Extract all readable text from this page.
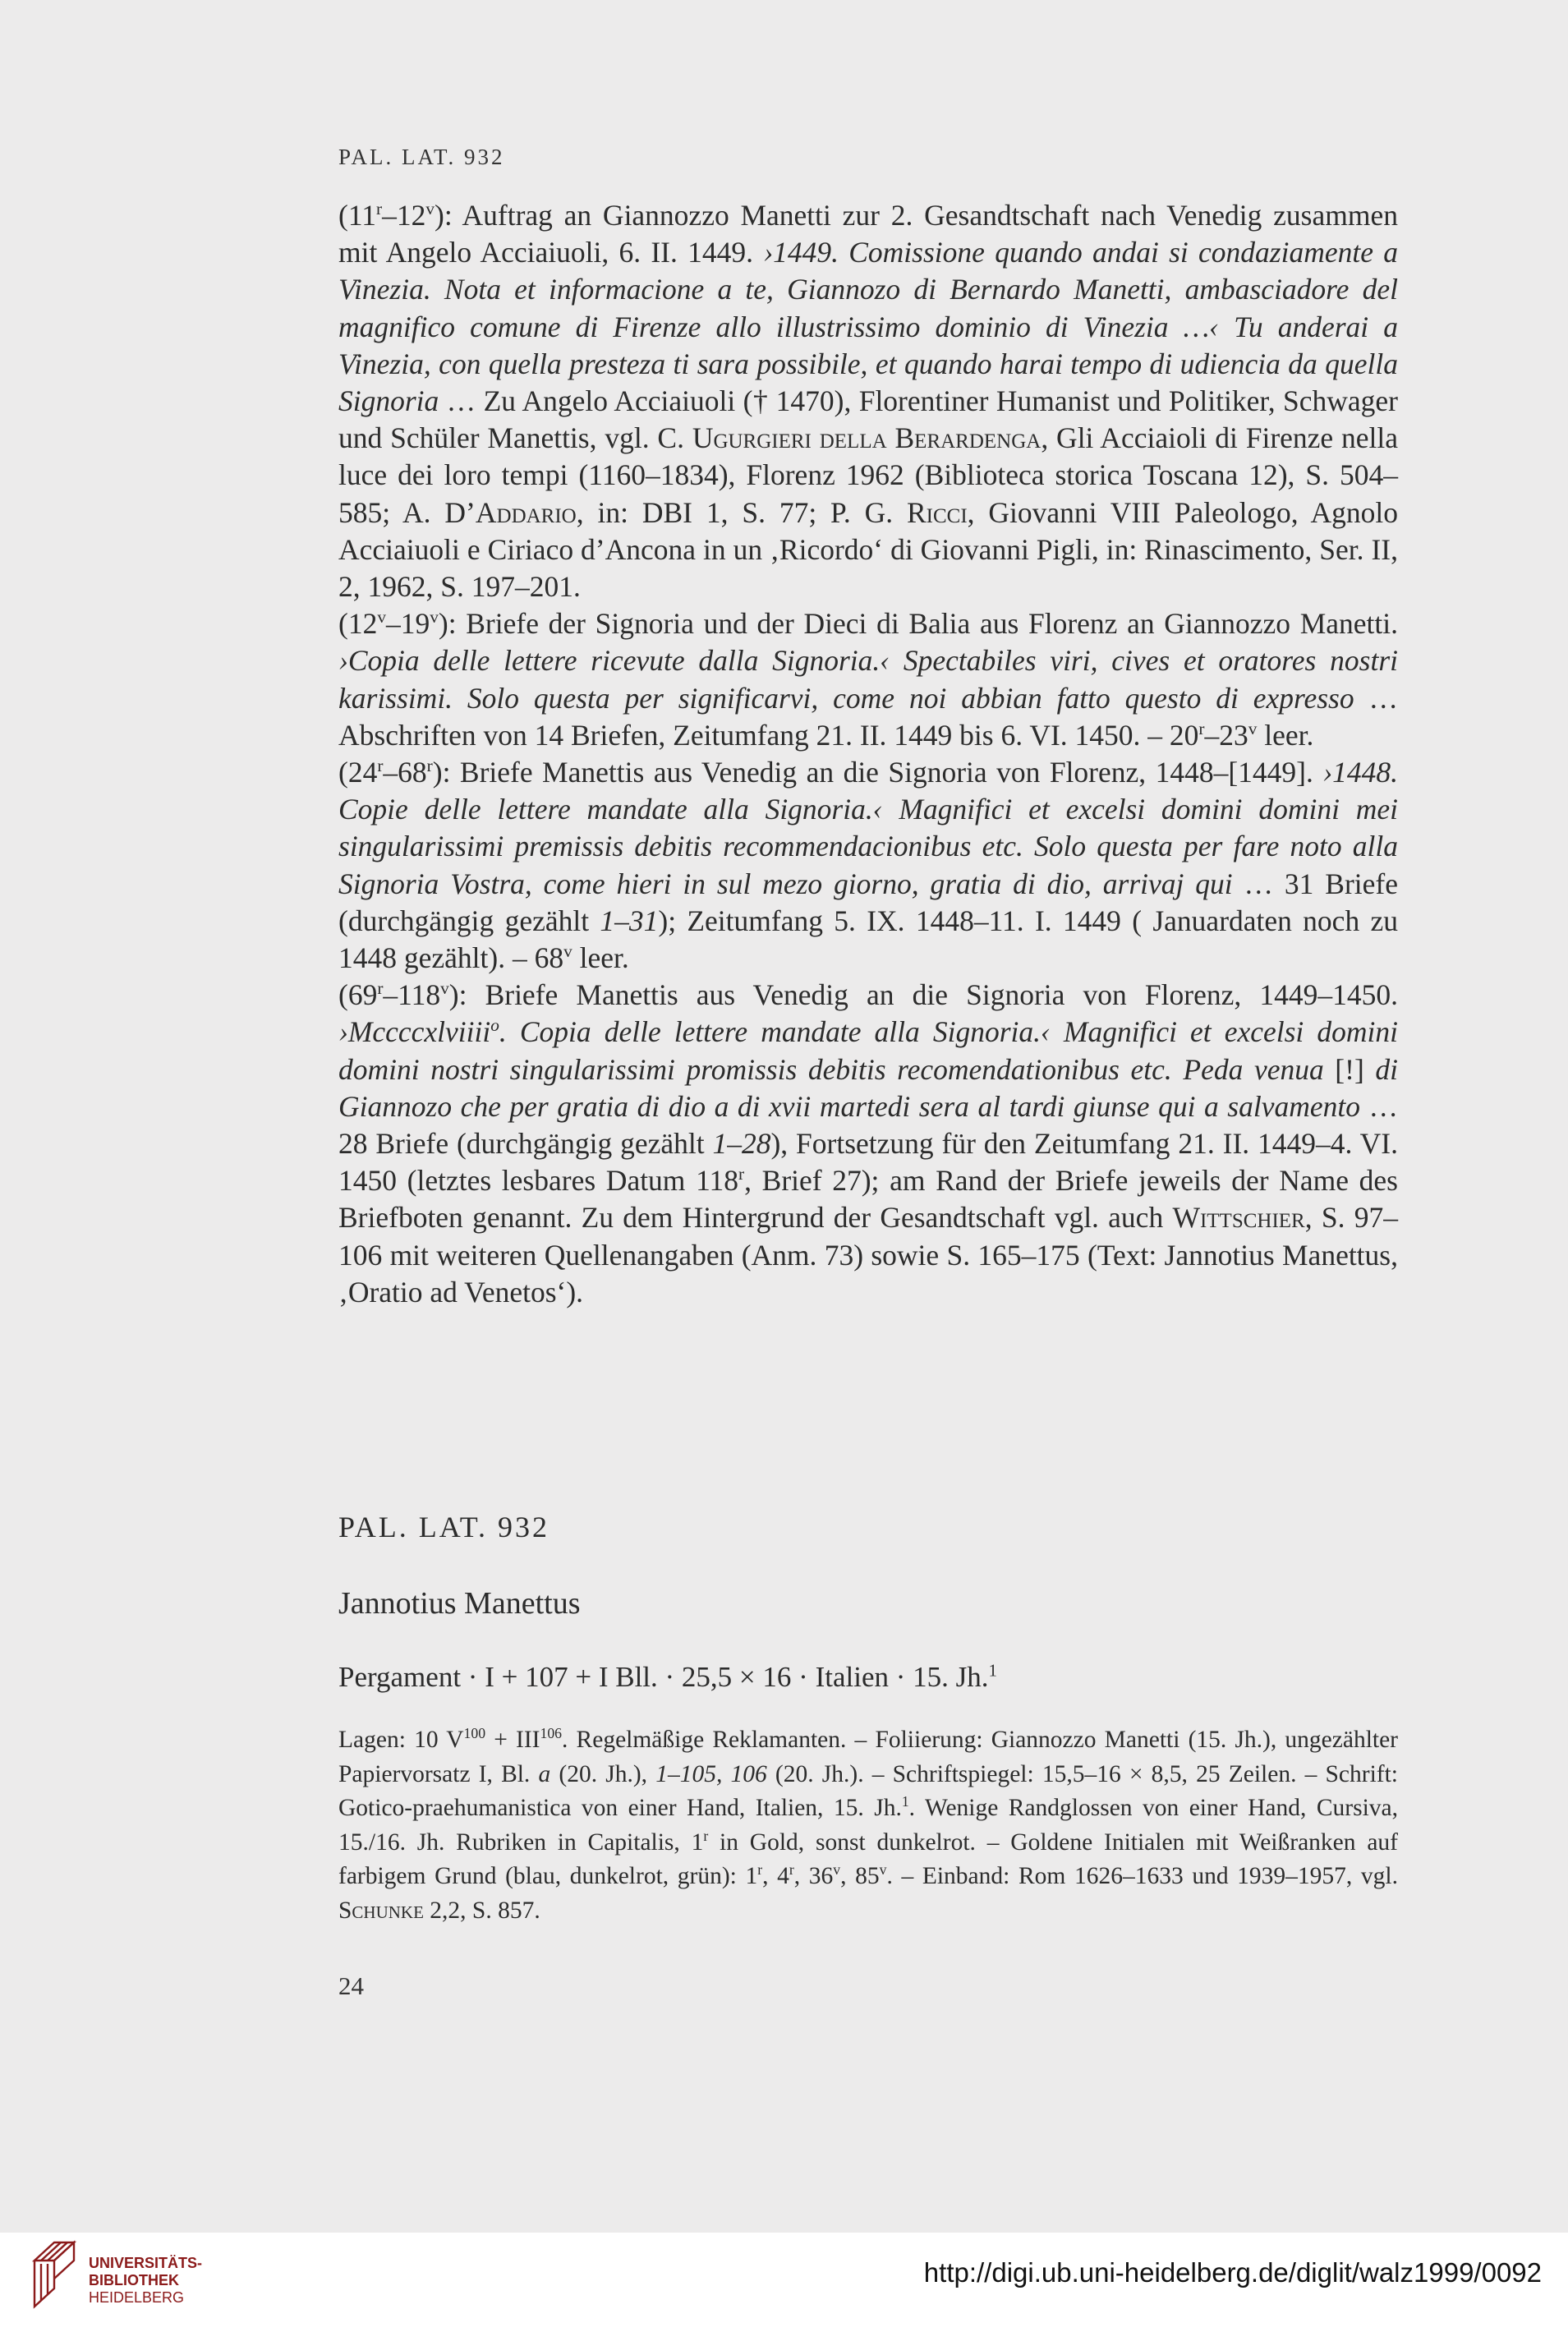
PAL. LAT. 932

(11$^r$–12$^v$): Auftrag an Giannozzo Manetti zur 2. Gesandtschaft nach Venedig zusammen mit Angelo Acciaiuoli, 6. II. 1449. ›1449. Comissione quando andai si condaziamente a Vinezia. Nota et informacione a te, Giannozo di Bernardo Manetti, ambasciadore del magnifico comune di Firenze allo illustrissimo dominio di Vinezia …‹ Tu anderai a Vinezia, con quella presteza ti sara possibile, et quando harai tempo di udiencia da quella Signoria … Zu Angelo Acciaiuoli († 1470), Florentiner Humanist und Politiker, Schwager und Schüler Manettis, vgl. C. Ugurgieri della Berardenga, Gli Acciaioli di Firenze nella luce dei loro tempi (1160–1834), Florenz 1962 (Biblioteca storica Toscana 12), S. 504–585; A. D’Addario, in: DBI 1, S. 77; P. G. Ricci, Giovanni VIII Paleologo, Agnolo Acciaiuoli e Ciriaco d’Ancona in un ‚Ricordo‘ di Giovanni Pigli, in: Rinascimento, Ser. II, 2, 1962, S. 197–201.

(12$^v$–19$^v$): Briefe der Signoria und der Dieci di Balia aus Florenz an Giannozzo Manetti. ›Copia delle lettere ricevute dalla Signoria.‹ Spectabiles viri, cives et oratores nostri karissimi. Solo questa per significarvi, come noi abbian fatto questo di expresso … Abschriften von 14 Briefen, Zeitumfang 21. II. 1449 bis 6. VI. 1450. – 20$^r$–23$^v$ leer.

(24$^r$–68$^r$): Briefe Manettis aus Venedig an die Signoria von Florenz, 1448–[1449]. ›1448. Copie delle lettere mandate alla Signoria.‹ Magnifici et excelsi domini domini mei singularissimi premissis debitis recommendacionibus etc. Solo questa per fare noto alla Signoria Vostra, come hieri in sul mezo giorno, gratia di dio, arrivaj qui … 31 Briefe (durchgängig gezählt 1–31); Zeitumfang 5. IX. 1448–11. I. 1449 ( Januardaten noch zu 1448 gezählt). – 68$^v$ leer.

(69$^r$–118$^v$): Briefe Manettis aus Venedig an die Signoria von Florenz, 1449–1450. ›Mccccxlviiii$^o$. Copia delle lettere mandate alla Signoria.‹ Magnifici et excelsi domini domini nostri singularissimi promissis debitis recomendationibus etc. Peda venua [!] di Giannozo che per gratia di dio a di xvii martedi sera al tardi giunse qui a salvamento … 28 Briefe (durchgängig gezählt 1–28), Fortsetzung für den Zeitumfang 21. II. 1449–4. VI. 1450 (letztes lesbares Datum 118$^r$, Brief 27); am Rand der Briefe jeweils der Name des Briefboten genannt. Zu dem Hintergrund der Gesandtschaft vgl. auch Wittschier, S. 97–106 mit weiteren Quellenangaben (Anm. 73) sowie S. 165–175 (Text: Jannotius Manettus, ‚Oratio ad Venetos‘).

PAL. LAT. 932
Jannotius Manettus
Pergament · I + 107 + I Bll. · 25,5 × 16 · Italien · 15. Jh.$^1$

Lagen: 10 $V^{100} + III^{106}$. Regelmäßige Reklamanten. – Foliierung: Giannozzo Manetti (15. Jh.), ungezählter Papiervorsatz I, Bl. a (20. Jh.), 1–105, 106 (20. Jh.). – Schriftspiegel: 15,5–16 × 8,5, 25 Zeilen. – Schrift: Gotico-praehumanistica von einer Hand, Italien, 15. Jh.$^1$. Wenige Randglossen von einer Hand, Cursiva, 15./16. Jh. Rubriken in Capitalis, 1$^r$ in Gold, sonst dunkelrot. – Goldene Initialen mit Weißranken auf farbigem Grund (blau, dunkelrot, grün): 1$^r$, 4$^r$, 36$^v$, 85$^v$. – Einband: Rom 1626–1633 und 1939–1957, vgl. Schunke 2,2, S. 857.

24
UNIVERSITÄTS-
BIBLIOTHEK
HEIDELBERG
http://digi.ub.uni-heidelberg.de/diglit/walz1999/0092
